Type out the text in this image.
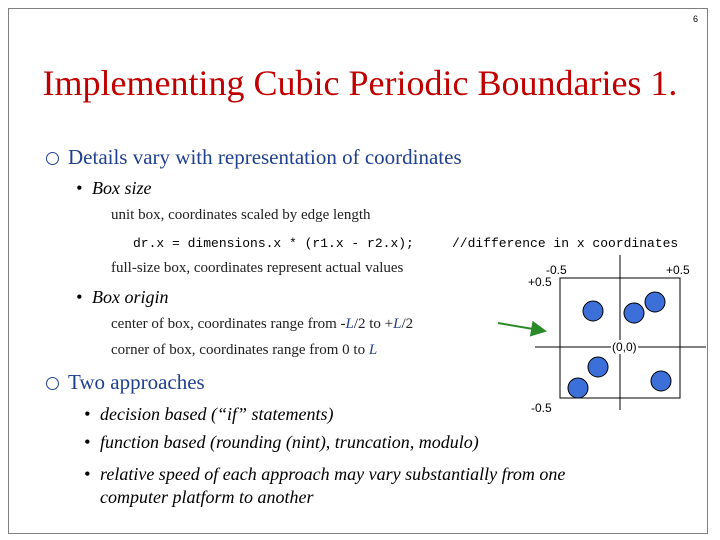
6
Implementing Cubic Periodic Boundaries 1.
Details vary with representation of coordinates
• Box size
unit box, coordinates scaled by edge length
dr.x = dimensions.x * (r1.x - r2.x);	//difference in x coordinates
full-size box, coordinates represent actual values
• Box origin
center of box, coordinates range from -L/2 to +L/2
corner of box, coordinates range from 0 to L
Two approaches
• decision based (“if” statements)
• function based (rounding (nint), truncation, modulo)
• relative speed of each approach may vary substantially from one
computer platform to another
-0.5
+0.5
+0.5
(0,0)
-0.5
